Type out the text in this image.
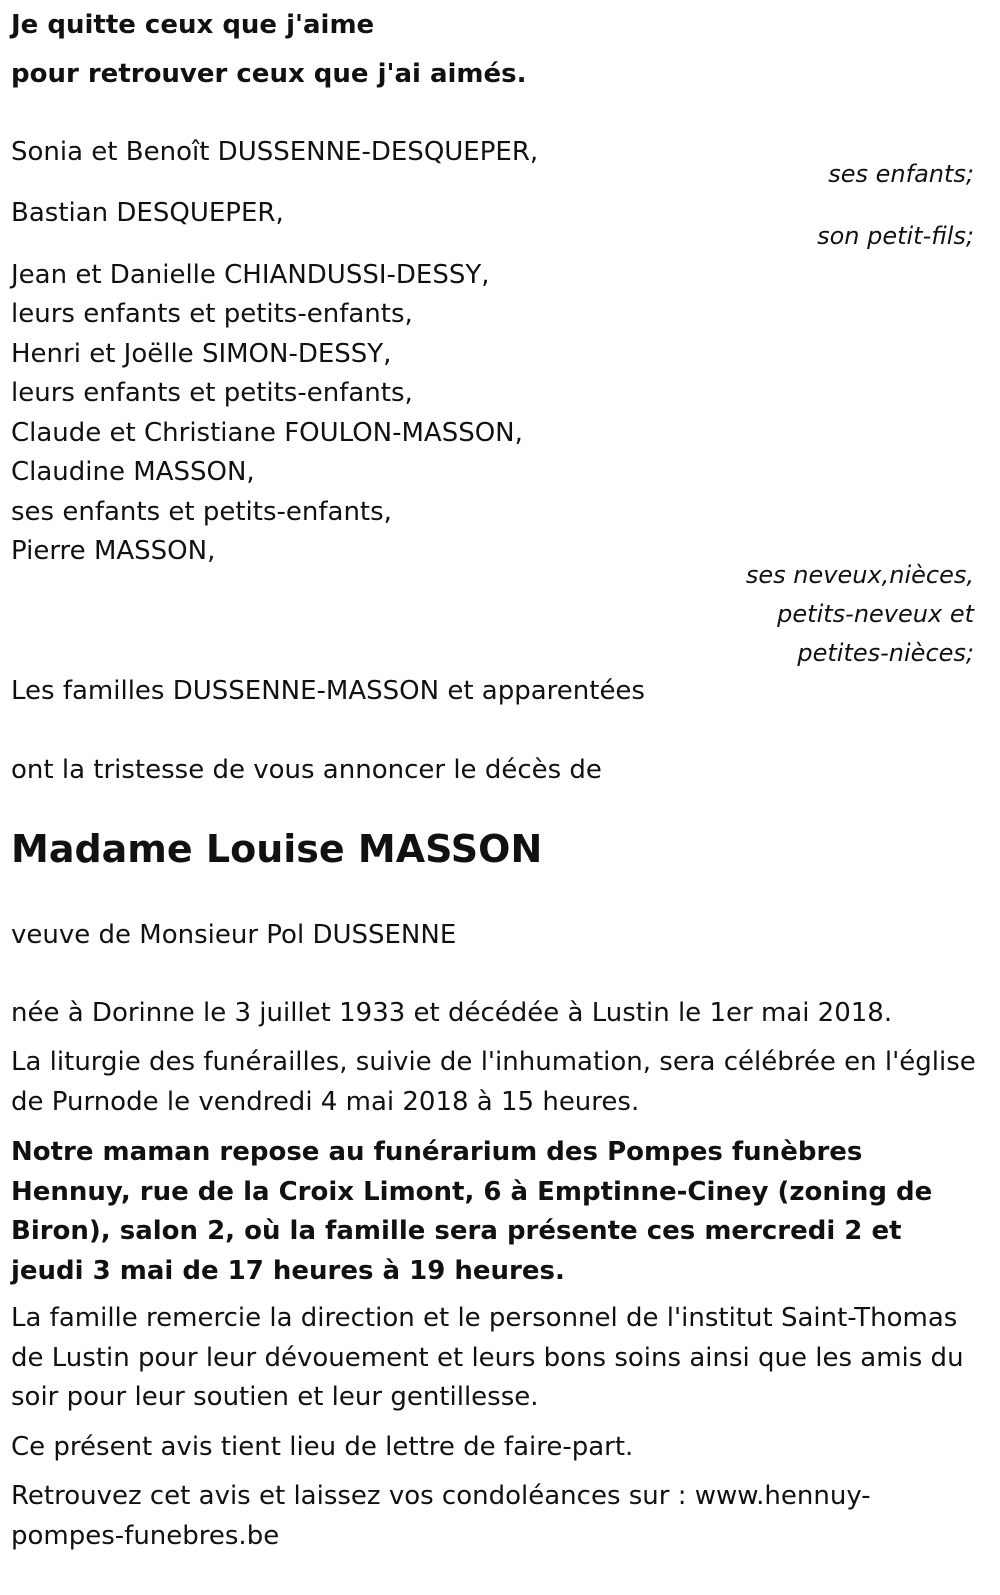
Je quitte ceux que j'aime
pour retrouver ceux que j'ai aimés.
Sonia et Benoît DUSSENNE-DESQUEPER,
ses enfants;
Bastian DESQUEPER,
son petit-fils;
Jean et Danielle CHIANDUSSI-DESSY,
leurs enfants et petits-enfants,
Henri et Joëlle SIMON-DESSY,
leurs enfants et petits-enfants,
Claude et Christiane FOULON-MASSON,
Claudine MASSON,
ses enfants et petits-enfants,
Pierre MASSON,
ses neveux,nièces,
petits-neveux et
petites-nièces;
Les familles DUSSENNE-MASSON et apparentées
ont la tristesse de vous annoncer le décès de
Madame Louise MASSON
veuve de Monsieur Pol DUSSENNE
née à Dorinne le 3 juillet 1933 et décédée à Lustin le 1er mai 2018.
La liturgie des funérailles, suivie de l'inhumation, sera célébrée en l'église de Purnode le vendredi 4 mai 2018 à 15 heures.
Notre maman repose au funérarium des Pompes funèbres Hennuy, rue de la Croix Limont, 6 à Emptinne-Ciney (zoning de Biron), salon 2, où la famille sera présente ces mercredi 2 et jeudi 3 mai de 17 heures à 19 heures.
La famille remercie la direction et le personnel de l'institut Saint-Thomas de Lustin pour leur dévouement et leurs bons soins ainsi que les amis du soir pour leur soutien et leur gentillesse.
Ce présent avis tient lieu de lettre de faire-part.
Retrouvez cet avis et laissez vos condoléances sur : www.hennuy-pompes-funebres.be
